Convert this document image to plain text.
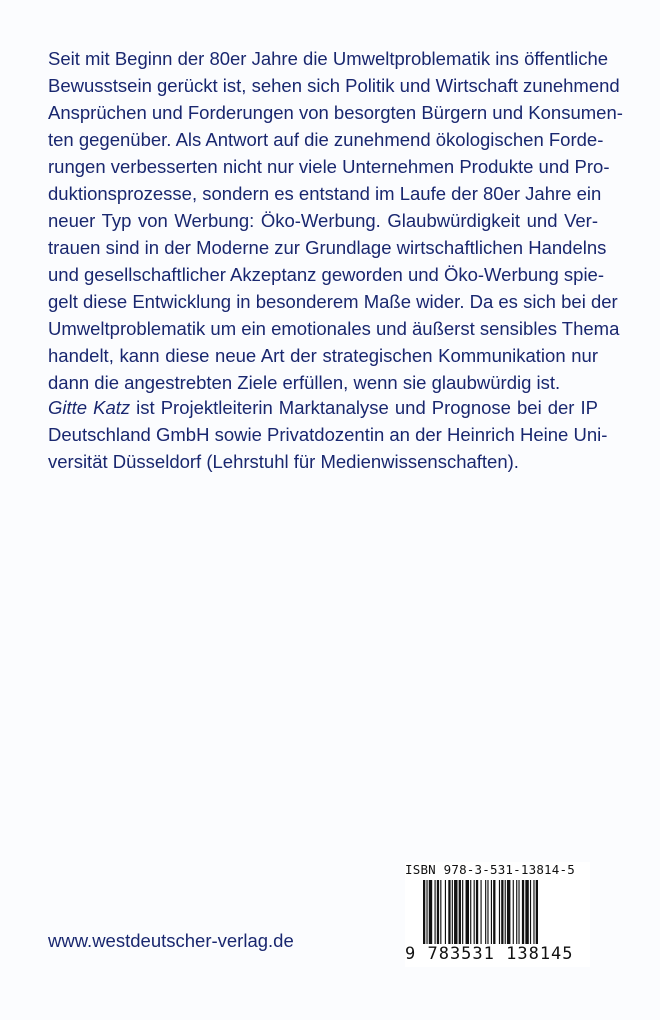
Seit mit Beginn der 80er Jahre die Umweltproblematik ins öffentliche
Bewusstsein gerückt ist, sehen sich Politik und Wirtschaft zunehmend
Ansprüchen und Forderungen von besorgten Bürgern und Konsumen-
ten gegenüber. Als Antwort auf die zunehmend ökologischen Forde-
rungen verbesserten nicht nur viele Unternehmen Produkte und Pro-
duktionsprozesse, sondern es entstand im Laufe der 80er Jahre ein
neuer Typ von Werbung: Öko-Werbung. Glaubwürdigkeit und Ver-
trauen sind in der Moderne zur Grundlage wirtschaftlichen Handelns
und gesellschaftlicher Akzeptanz geworden und Öko-Werbung spie-
gelt diese Entwicklung in besonderem Maße wider. Da es sich bei der
Umweltproblematik um ein emotionales und äußerst sensibles Thema
handelt, kann diese neue Art der strategischen Kommunikation nur
dann die angestrebten Ziele erfüllen, wenn sie glaubwürdig ist.
Gitte Katz ist Projektleiterin Marktanalyse und Prognose bei der IP
Deutschland GmbH sowie Privatdozentin an der Heinrich Heine Uni-
versität Düsseldorf (Lehrstuhl für Medienwissenschaften).
www.westdeutscher-verlag.de
ISBN 978-3-531-13814-5
9 783531 138145
